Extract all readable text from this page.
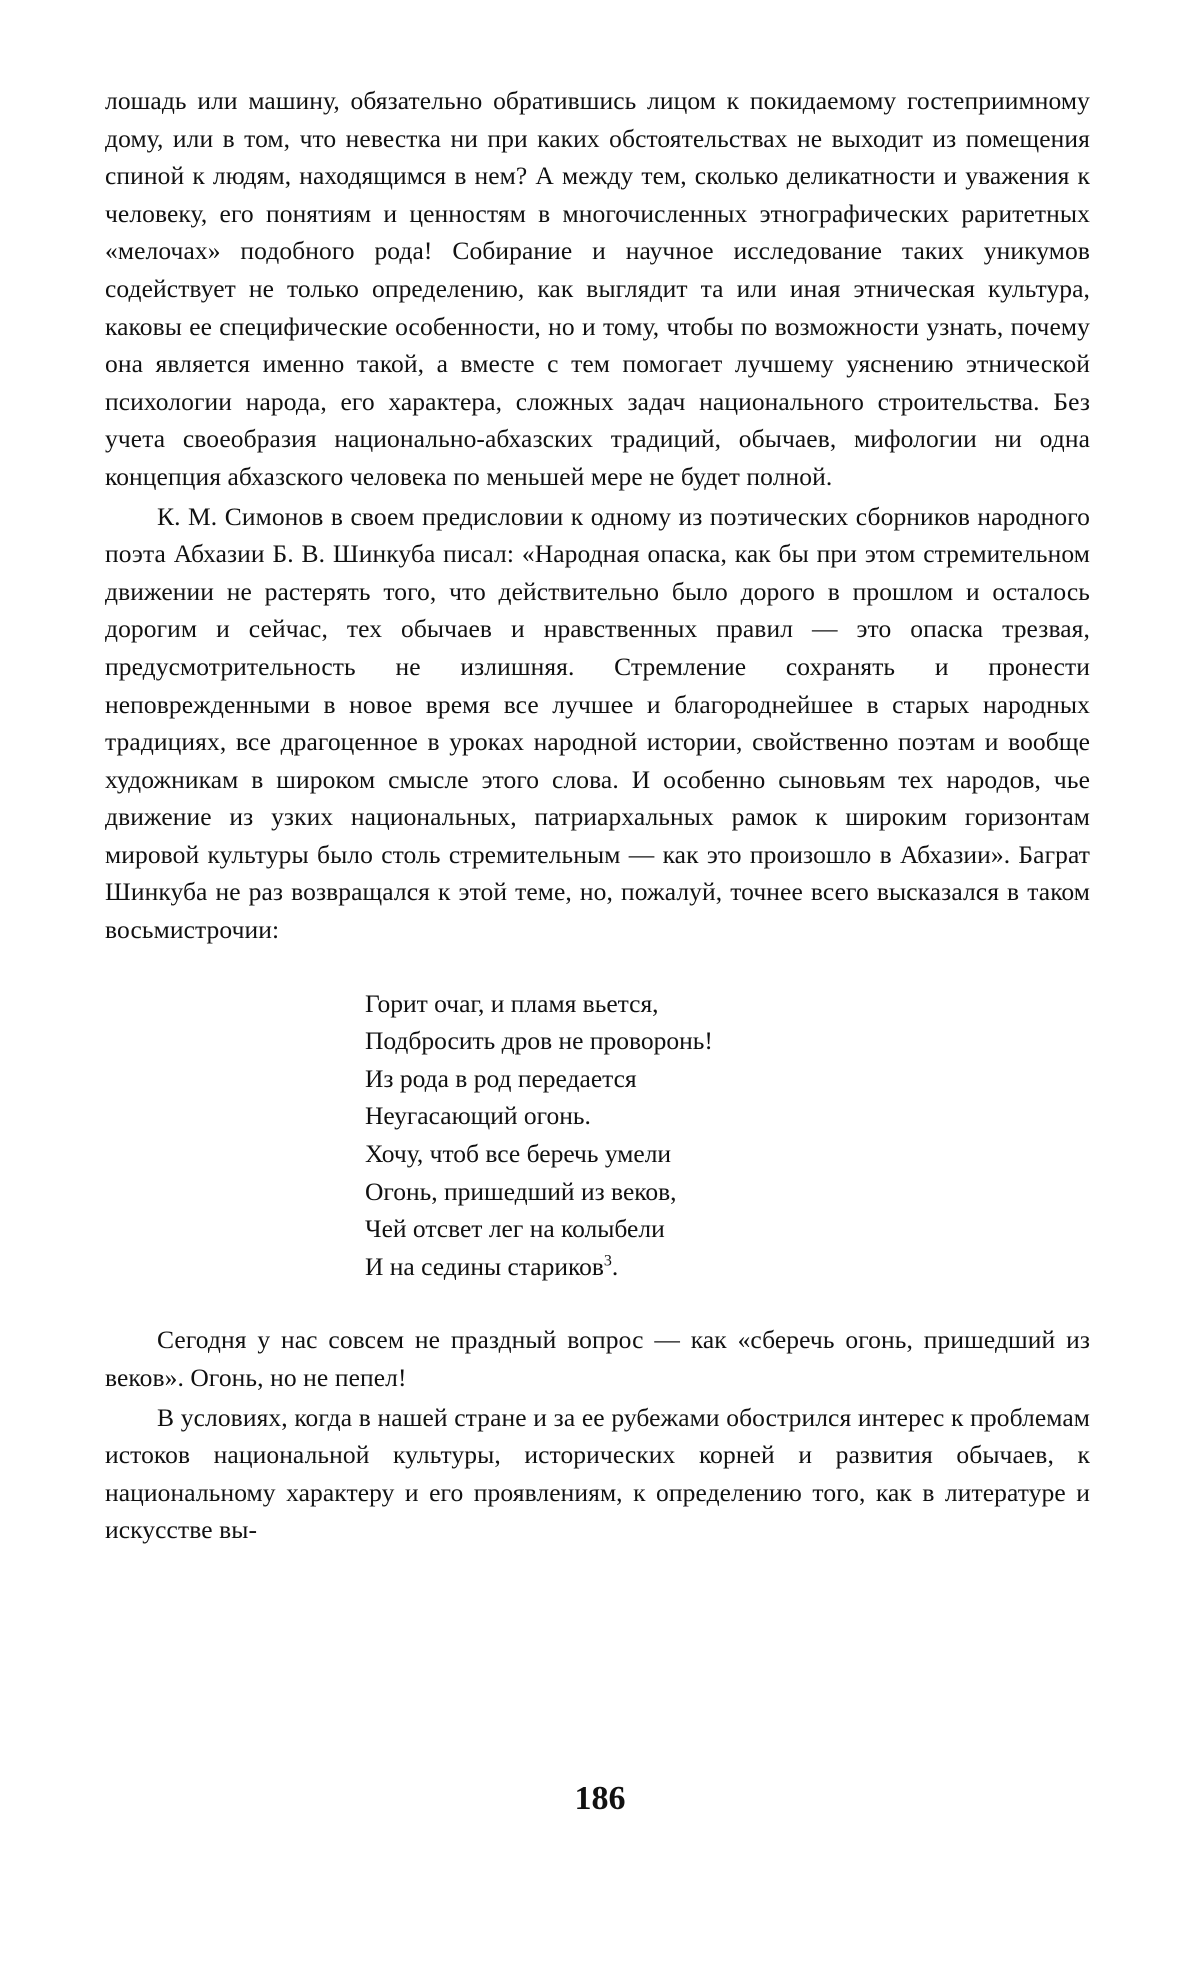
лошадь или машину, обязательно обратившись лицом к покидаемому гостеприимному дому, или в том, что невестка ни при каких обстоятельствах не выходит из помещения спиной к людям, находящимся в нем? А между тем, сколько деликатности и уважения к человеку, его понятиям и ценностям в многочисленных этнографических раритетных «мелочах» подобного рода! Собирание и научное исследование таких уникумов содействует не только определению, как выглядит та или иная этническая культура, каковы ее специфические особенности, но и тому, чтобы по возможности узнать, почему она является именно такой, а вместе с тем помогает лучшему уяснению этнической психологии народа, его характера, сложных задач национального строительства. Без учета своеобразия национально-абхазских традиций, обычаев, мифологии ни одна концепция абхазского человека по меньшей мере не будет полной.

К. М. Симонов в своем предисловии к одному из поэтических сборников народного поэта Абхазии Б. В. Шинкуба писал: «Народная опаска, как бы при этом стремительном движении не растерять того, что действительно было дорого в прошлом и осталось дорогим и сейчас, тех обычаев и нравственных правил — это опаска трезвая, предусмотрительность не излишняя. Стремление сохранять и пронести неповрежденными в новое время все лучшее и благороднейшее в старых народных традициях, все драгоценное в уроках народной истории, свойственно поэтам и вообще художникам в широком смысле этого слова. И особенно сыновьям тех народов, чье движение из узких национальных, патриархальных рамок к широким горизонтам мировой культуры было столь стремительным — как это произошло в Абхазии». Баграт Шинкуба не раз возвращался к этой теме, но, пожалуй, точнее всего высказался в таком восьмистрочии:

Горит очаг, и пламя вьется,
Подбросить дров не проворонь!
Из рода в род передается
Неугасающий огонь.
Хочу, чтоб все беречь умели
Огонь, пришедший из веков,
Чей отсвет лег на колыбели
И на седины стариков$^3$.

Сегодня у нас совсем не праздный вопрос — как «сберечь огонь, пришедший из веков». Огонь, но не пепел!

В условиях, когда в нашей стране и за ее рубежами обострился интерес к проблемам истоков национальной культуры, исторических корней и развития обычаев, к национальному характеру и его проявлениям, к определению того, как в литературе и искусстве вы-

186
